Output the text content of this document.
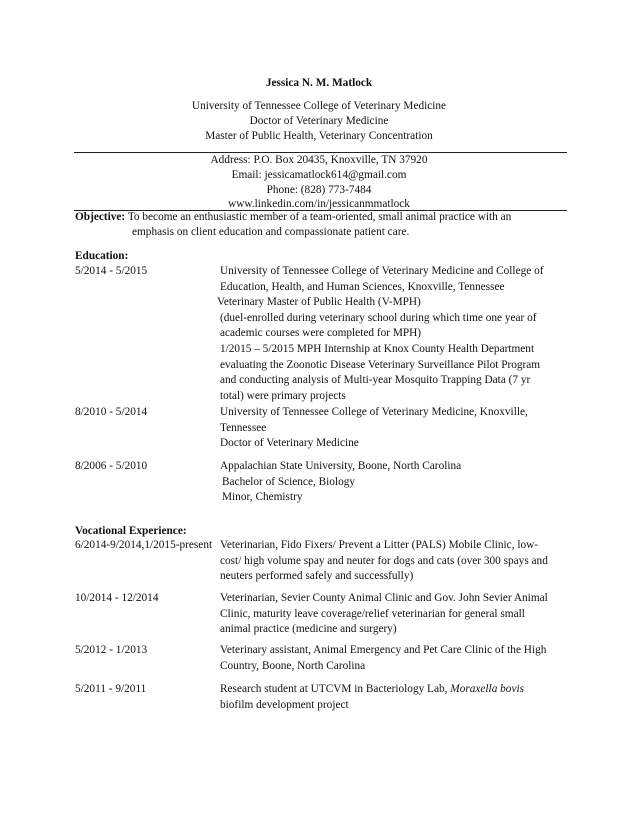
Jessica N. M. Matlock
University of Tennessee College of Veterinary Medicine
Doctor of Veterinary Medicine
Master of Public Health, Veterinary Concentration
Address: P.O. Box 20435, Knoxville, TN 37920
Email: jessicamatlock614@gmail.com
Phone: (828) 773-7484
www.linkedin.com/in/jessicanmmatlock
Objective: To become an enthusiastic member of a team-oriented, small animal practice with an
emphasis on client education and compassionate patient care.
Education:
5/2014 - 5/2015	University of Tennessee College of Veterinary Medicine and College of
Education, Health, and Human Sciences, Knoxville, Tennessee
Veterinary Master of Public Health (V-MPH)
(duel-enrolled during veterinary school during which time one year of
academic courses were completed for MPH)
1/2015 – 5/2015 MPH Internship at Knox County Health Department
evaluating the Zoonotic Disease Veterinary Surveillance Pilot Program
and conducting analysis of Multi-year Mosquito Trapping Data (7 yr
total) were primary projects
8/2010 - 5/2014	University of Tennessee College of Veterinary Medicine, Knoxville,
Tennessee
Doctor of Veterinary Medicine
8/2006 - 5/2010	Appalachian State University, Boone, North Carolina
Bachelor of Science, Biology
Minor, Chemistry
Vocational Experience:
6/2014-9/2014,1/2015-present Veterinarian, Fido Fixers/ Prevent a Litter (PALS) Mobile Clinic, low-
cost/ high volume spay and neuter for dogs and cats (over 300 spays and
neuters performed safely and successfully)
10/2014 - 12/2014	Veterinarian, Sevier County Animal Clinic and Gov. John Sevier Animal
Clinic, maturity leave coverage/relief veterinarian for general small
animal practice (medicine and surgery)
5/2012 - 1/2013	Veterinary assistant, Animal Emergency and Pet Care Clinic of the High
Country, Boone, North Carolina
5/2011 - 9/2011	Research student at UTCVM in Bacteriology Lab, Moraxella bovis
biofilm development project
